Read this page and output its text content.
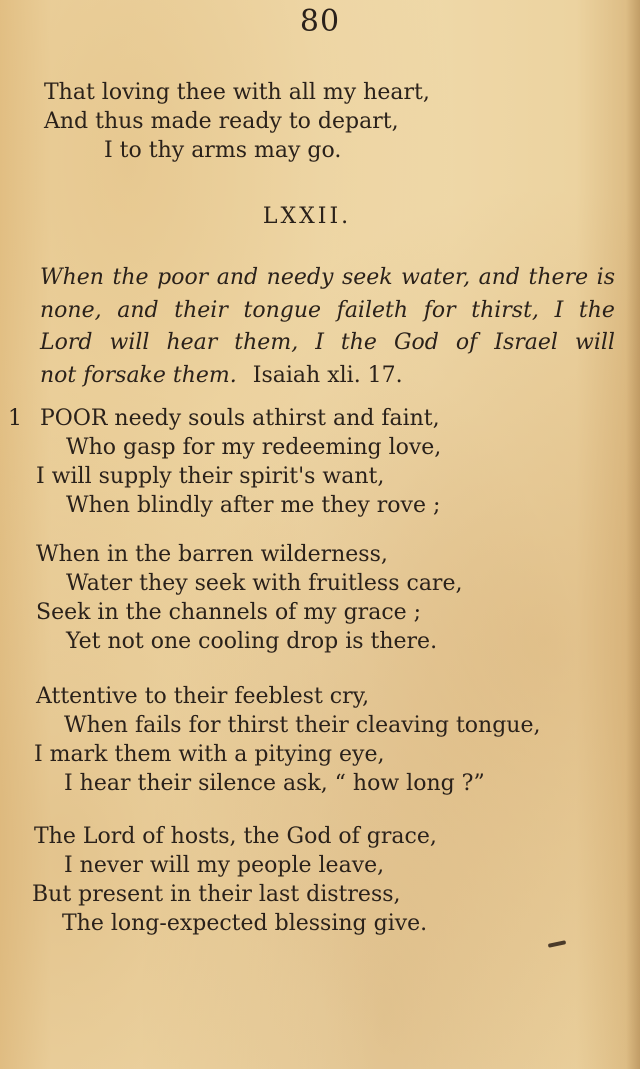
80
That loving thee with all my heart,
And thus made ready to depart,
I to thy arms may go.
LXXII.
When the poor and needy seek water, and there is
none, and their tongue faileth for thirst, I the
Lord will hear them, I the God of Israel will
not forsake them. Isaiah xli. 17.
1 POOR needy souls athirst and faint,
Who gasp for my redeeming love,
I will supply their spirit's want,
When blindly after me they rove ;
When in the barren wilderness,
Water they seek with fruitless care,
Seek in the channels of my grace ;
Yet not one cooling drop is there.
Attentive to their feeblest cry,
When fails for thirst their cleaving tongue,
I mark them with a pitying eye,
I hear their silence ask, “ how long ?”
The Lord of hosts, the God of grace,
I never will my people leave,
But present in their last distress,
The long-expected blessing give.
